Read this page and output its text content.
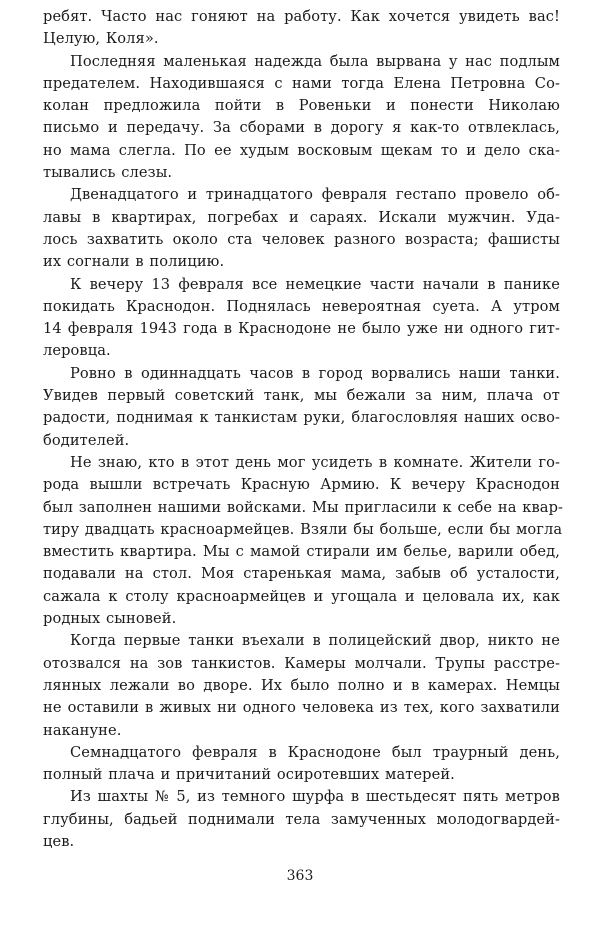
ребят. Часто нас гоняют на работу. Как хочется увидеть вас!
Целую, Коля».
Последняя маленькая надежда была вырвана у нас подлым
предателем. Находившаяся с нами тогда Елена Петровна Со-
колан предложила пойти в Ровеньки и понести Николаю
письмо и передачу. За сборами в дорогу я как-то отвлеклась,
но мама слегла. По ее худым восковым щекам то и дело ска-
тывались слезы.
Двенадцатого и тринадцатого февраля гестапо провело об-
лавы в квартирах, погребах и сараях. Искали мужчин. Уда-
лось захватить около ста человек разного возраста; фашисты
их согнали в полицию.
К вечеру 13 февраля все немецкие части начали в панике
покидать Краснодон. Поднялась невероятная суета. А утром
14 февраля 1943 года в Краснодоне не было уже ни одного гит-
леровца.
Ровно в одиннадцать часов в город ворвались наши танки.
Увидев первый советский танк, мы бежали за ним, плача от
радости, поднимая к танкистам руки, благословляя наших осво-
бодителей.
Не знаю, кто в этот день мог усидеть в комнате. Жители го-
рода вышли встречать Красную Армию. К вечеру Краснодон
был заполнен нашими войсками. Мы пригласили к себе на квар-
тиру двадцать красноармейцев. Взяли бы больше, если бы могла
вместить квартира. Мы с мамой стирали им белье, варили обед,
подавали на стол. Моя старенькая мама, забыв об усталости,
сажала к столу красноармейцев и угощала и целовала их, как
родных сыновей.
Когда первые танки въехали в полицейский двор, никто не
отозвался на зов танкистов. Камеры молчали. Трупы расстре-
лянных лежали во дворе. Их было полно и в камерах. Немцы
не оставили в живых ни одного человека из тех, кого захватили
накануне.
Семнадцатого февраля в Краснодоне был траурный день,
полный плача и причитаний осиротевших матерей.
Из шахты № 5, из темного шурфа в шестьдесят пять метров
глубины, бадьей поднимали тела замученных молодогвардей-
цев.
363
